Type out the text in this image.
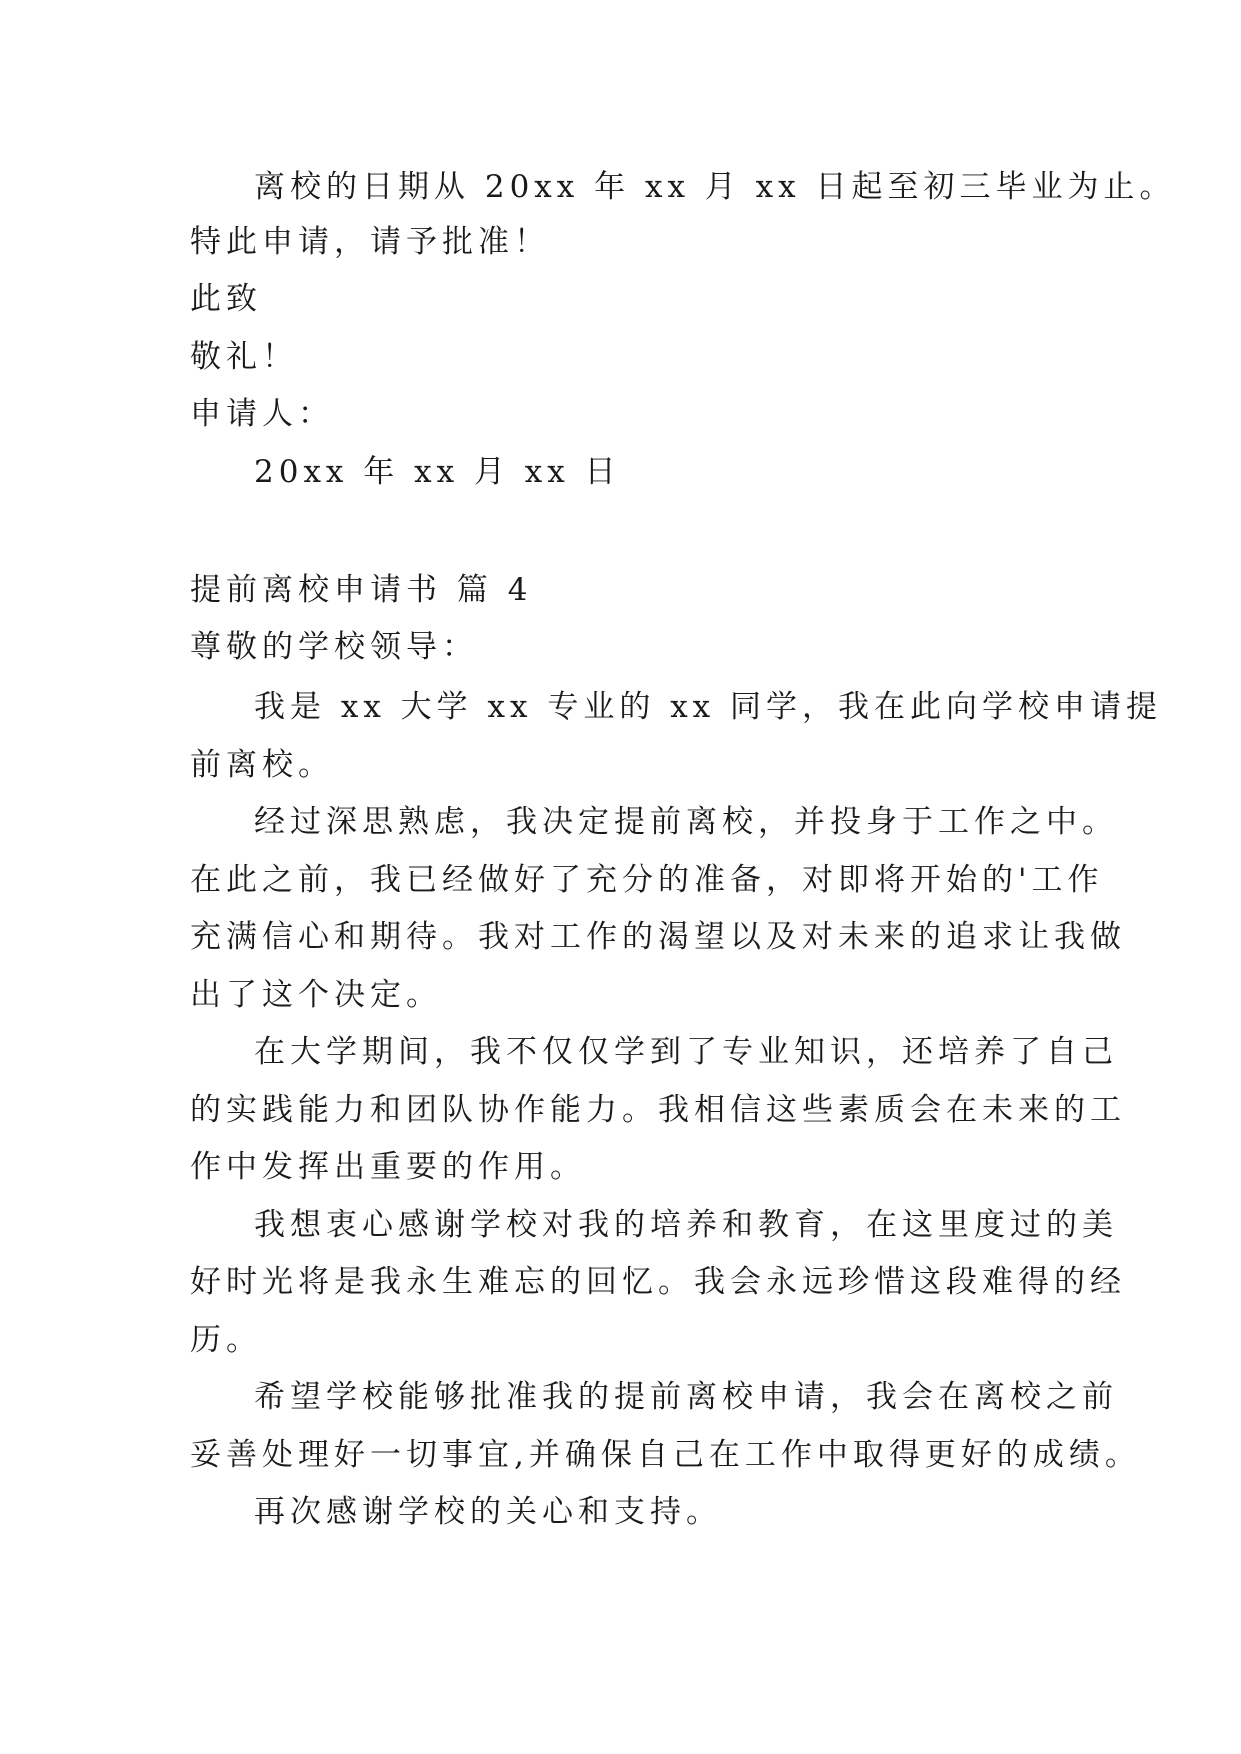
离校的日期从 20xx 年 xx 月 xx 日起至初三毕业为止。
特此申请，请予批准！
此致
敬礼！
申请人：
20xx 年 xx 月 xx 日
提前离校申请书 篇 4
尊敬的学校领导：
我是 xx 大学 xx 专业的 xx 同学，我在此向学校申请提
前离校。
经过深思熟虑，我决定提前离校，并投身于工作之中。
在此之前，我已经做好了充分的准备，对即将开始的'工作
充满信心和期待。我对工作的渴望以及对未来的追求让我做
出了这个决定。
在大学期间，我不仅仅学到了专业知识，还培养了自己
的实践能力和团队协作能力。我相信这些素质会在未来的工
作中发挥出重要的作用。
我想衷心感谢学校对我的培养和教育，在这里度过的美
好时光将是我永生难忘的回忆。我会永远珍惜这段难得的经
历。
希望学校能够批准我的提前离校申请，我会在离校之前
妥善处理好一切事宜,并确保自己在工作中取得更好的成绩。
再次感谢学校的关心和支持。
